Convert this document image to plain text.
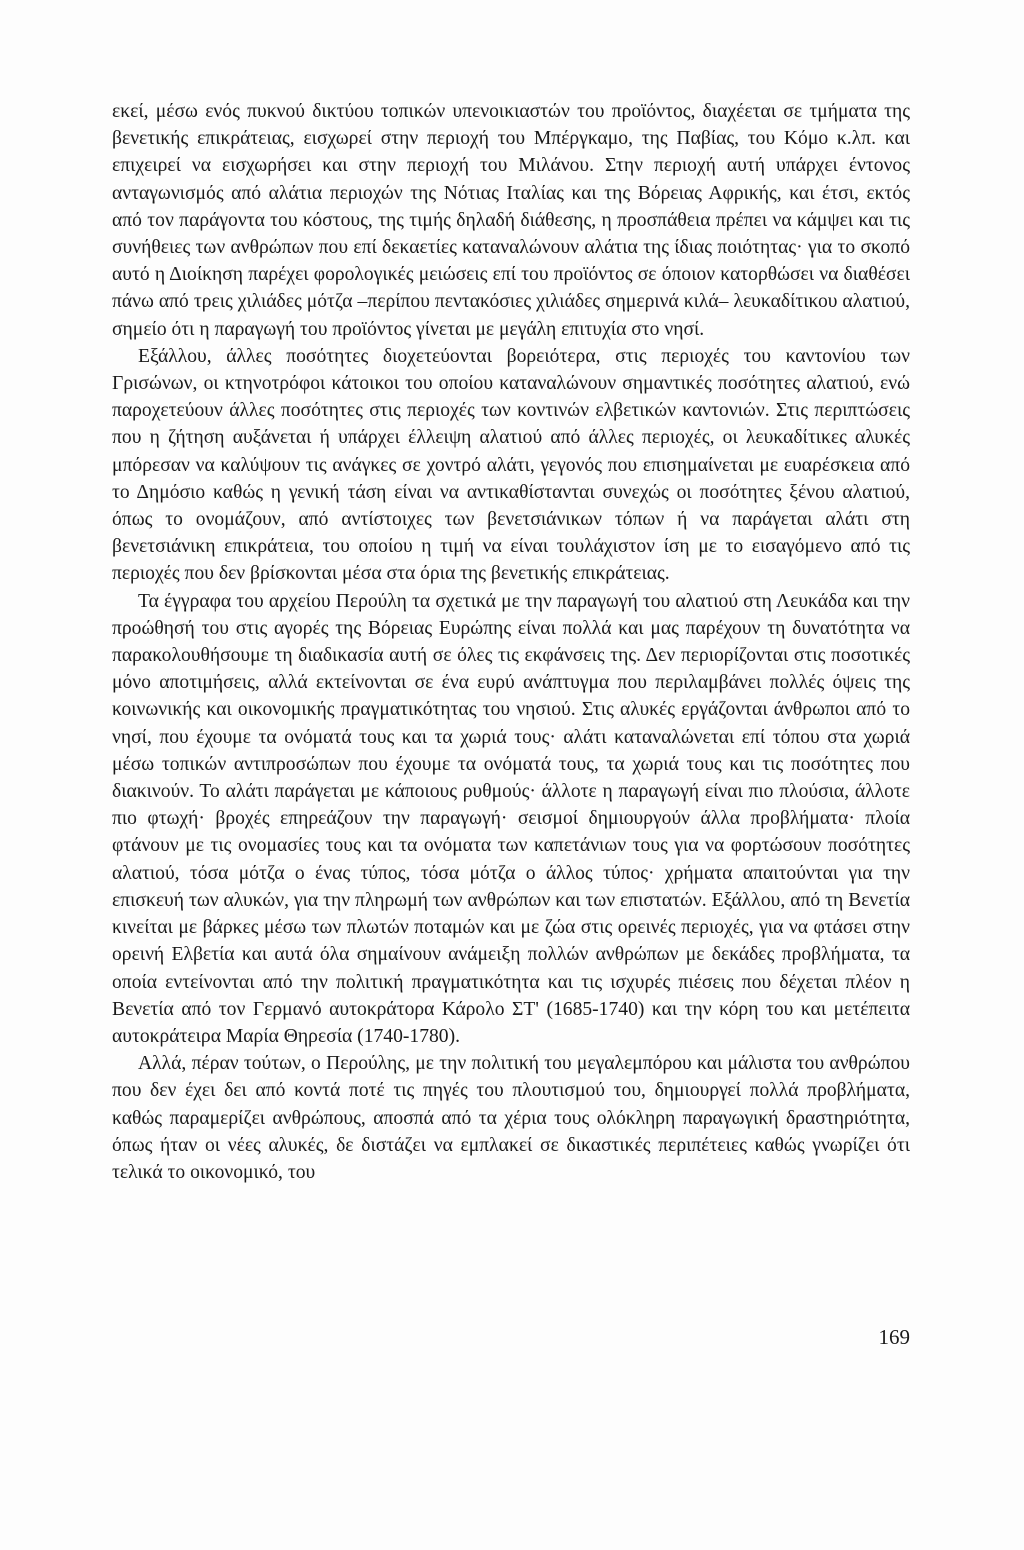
εκεί, μέσω ενός πυκνού δικτύου τοπικών υπενοικιαστών του προϊόντος, διαχέεται σε τμήματα της βενετικής επικράτειας, εισχωρεί στην περιοχή του Μπέργκαμο, της Παβίας, του Κόμο κ.λπ. και επιχειρεί να εισχωρήσει και στην περιοχή του Μιλάνου. Στην περιοχή αυτή υπάρχει έντονος ανταγωνισμός από αλάτια περιοχών της Νότιας Ιταλίας και της Βόρειας Αφρικής, και έτσι, εκτός από τον παράγοντα του κόστους, της τιμής δηλαδή διάθεσης, η προσπάθεια πρέπει να κάμψει και τις συνήθειες των ανθρώπων που επί δεκαετίες καταναλώνουν αλάτια της ίδιας ποιότητας· για το σκοπό αυτό η Διοίκηση παρέχει φορολογικές μειώσεις επί του προϊόντος σε όποιον κατορθώσει να διαθέσει πάνω από τρεις χιλιάδες μότζα –περίπου πεντακόσιες χιλιάδες σημερινά κιλά– λευκαδίτικου αλατιού, σημείο ότι η παραγωγή του προϊόντος γίνεται με μεγάλη επιτυχία στο νησί.

Εξάλλου, άλλες ποσότητες διοχετεύονται βορειότερα, στις περιοχές του καντονίου των Γρισώνων, οι κτηνοτρόφοι κάτοικοι του οποίου καταναλώνουν σημαντικές ποσότητες αλατιού, ενώ παροχετεύουν άλλες ποσότητες στις περιοχές των κοντινών ελβετικών καντονιών. Στις περιπτώσεις που η ζήτηση αυξάνεται ή υπάρχει έλλειψη αλατιού από άλλες περιοχές, οι λευκαδίτικες αλυκές μπόρεσαν να καλύψουν τις ανάγκες σε χοντρό αλάτι, γεγονός που επισημαίνεται με ευαρέσκεια από το Δημόσιο καθώς η γενική τάση είναι να αντικαθίστανται συνεχώς οι ποσότητες ξένου αλατιού, όπως το ονομάζουν, από αντίστοιχες των βενετσιάνικων τόπων ή να παράγεται αλάτι στη βενετσιάνικη επικράτεια, του οποίου η τιμή να είναι τουλάχιστον ίση με το εισαγόμενο από τις περιοχές που δεν βρίσκονται μέσα στα όρια της βενετικής επικράτειας.

Τα έγγραφα του αρχείου Περούλη τα σχετικά με την παραγωγή του αλατιού στη Λευκάδα και την προώθησή του στις αγορές της Βόρειας Ευρώπης είναι πολλά και μας παρέχουν τη δυνατότητα να παρακολουθήσουμε τη διαδικασία αυτή σε όλες τις εκφάνσεις της. Δεν περιορίζονται στις ποσοτικές μόνο αποτιμήσεις, αλλά εκτείνονται σε ένα ευρύ ανάπτυγμα που περιλαμβάνει πολλές όψεις της κοινωνικής και οικονομικής πραγματικότητας του νησιού. Στις αλυκές εργάζονται άνθρωποι από το νησί, που έχουμε τα ονόματά τους και τα χωριά τους· αλάτι καταναλώνεται επί τόπου στα χωριά μέσω τοπικών αντιπροσώπων που έχουμε τα ονόματά τους, τα χωριά τους και τις ποσότητες που διακινούν. Το αλάτι παράγεται με κάποιους ρυθμούς· άλλοτε η παραγωγή είναι πιο πλούσια, άλλοτε πιο φτωχή· βροχές επηρεάζουν την παραγωγή· σεισμοί δημιουργούν άλλα προβλήματα· πλοία φτάνουν με τις ονομασίες τους και τα ονόματα των καπετάνιων τους για να φορτώσουν ποσότητες αλατιού, τόσα μότζα ο ένας τύπος, τόσα μότζα ο άλλος τύπος· χρήματα απαιτούνται για την επισκευή των αλυκών, για την πληρωμή των ανθρώπων και των επιστατών. Εξάλλου, από τη Βενετία κινείται με βάρκες μέσω των πλωτών ποταμών και με ζώα στις ορεινές περιοχές, για να φτάσει στην ορεινή Ελβετία και αυτά όλα σημαίνουν ανάμειξη πολλών ανθρώπων με δεκάδες προβλήματα, τα οποία εντείνονται από την πολιτική πραγματικότητα και τις ισχυρές πιέσεις που δέχεται πλέον η Βενετία από τον Γερμανό αυτοκράτορα Κάρολο ΣΤ' (1685-1740) και την κόρη του και μετέπειτα αυτοκράτειρα Μαρία Θηρεσία (1740-1780).

Αλλά, πέραν τούτων, ο Περούλης, με την πολιτική του μεγαλεμπόρου και μάλιστα του ανθρώπου που δεν έχει δει από κοντά ποτέ τις πηγές του πλουτισμού του, δημιουργεί πολλά προβλήματα, καθώς παραμερίζει ανθρώπους, αποσπά από τα χέρια τους ολόκληρη παραγωγική δραστηριότητα, όπως ήταν οι νέες αλυκές, δε διστάζει να εμπλακεί σε δικαστικές περιπέτειες καθώς γνωρίζει ότι τελικά το οικονομικό, του

169
